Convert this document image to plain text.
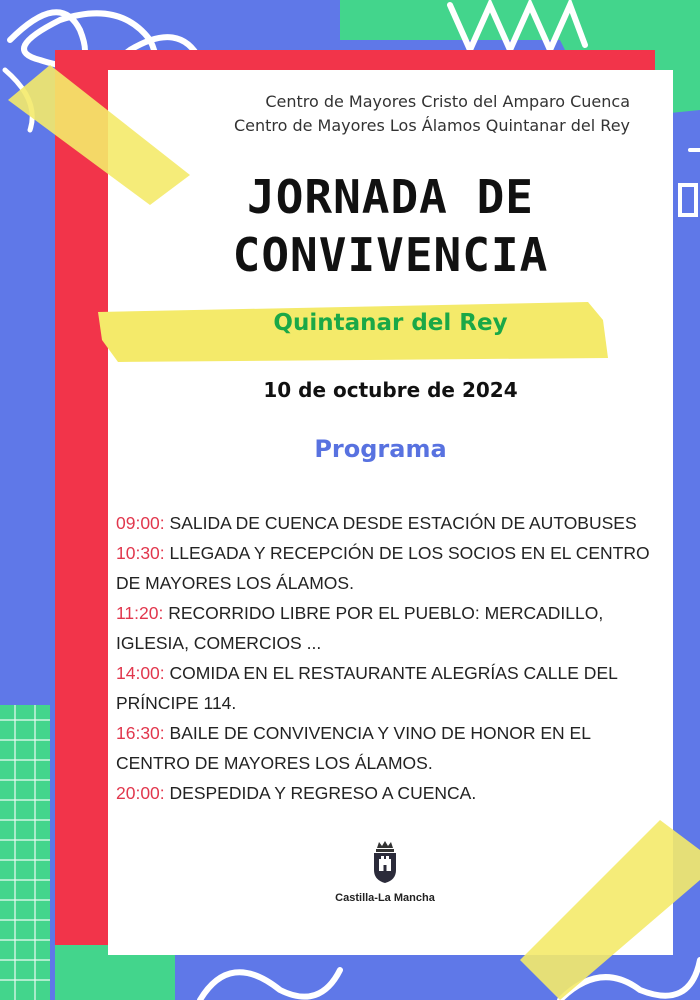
Centro de Mayores Cristo del Amparo Cuenca
Centro de Mayores Los Álamos Quintanar del Rey
JORNADA DE
CONVIVENCIA
Quintanar del Rey
10 de octubre de 2024
Programa

09:00: SALIDA DE CUENCA DESDE ESTACIÓN DE AUTOBUSES

10:30: LLEGADA Y RECEPCIÓN DE LOS SOCIOS EN EL CENTRO DE MAYORES LOS ÁLAMOS.

11:20: RECORRIDO LIBRE POR EL PUEBLO: MERCADILLO, IGLESIA, COMERCIOS ...

14:00: COMIDA EN EL RESTAURANTE ALEGRÍAS CALLE DEL PRÍNCIPE 114.

16:30: BAILE DE CONVIVENCIA Y VINO DE HONOR EN EL CENTRO DE MAYORES LOS ÁLAMOS.

20:00: DESPEDIDA Y REGRESO A CUENCA.

Castilla-La Mancha
